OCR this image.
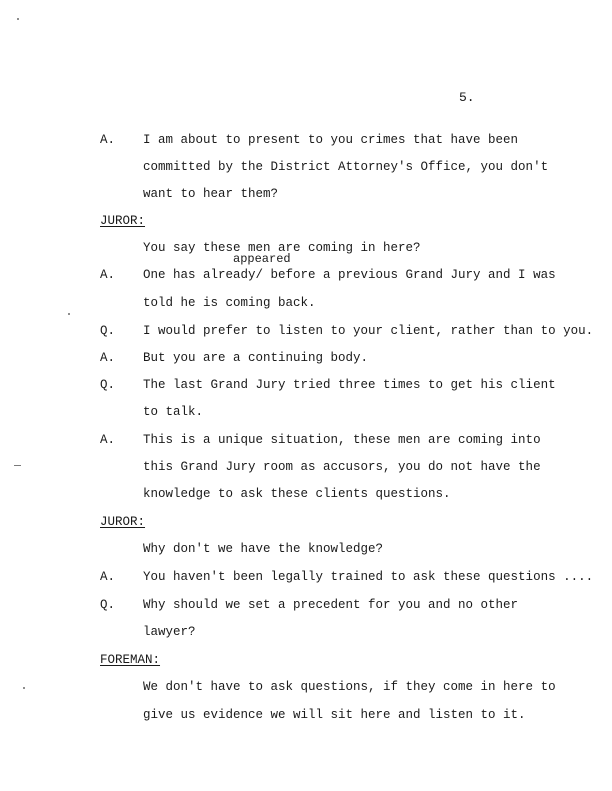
5.
A. I am about to present to you crimes that have been
committed by the District Attorney's Office, you don't
want to hear them?
JUROR:
You say these men are coming in here?
appeared
A. One has already/ before a previous Grand Jury and I was
told he is coming back.
Q. I would prefer to listen to your client, rather than to you.
A. But you are a continuing body.
Q. The last Grand Jury tried three times to get his client
to talk.
A. This is a unique situation, these men are coming into
this Grand Jury room as accusors, you do not have the
knowledge to ask these clients questions.
JUROR:
Why don't we have the knowledge?
A. You haven't been legally trained to ask these questions ....
Q. Why should we set a precedent for you and no other
lawyer?
FOREMAN:
We don't have to ask questions, if they come in here to
give us evidence we will sit here and listen to it.
